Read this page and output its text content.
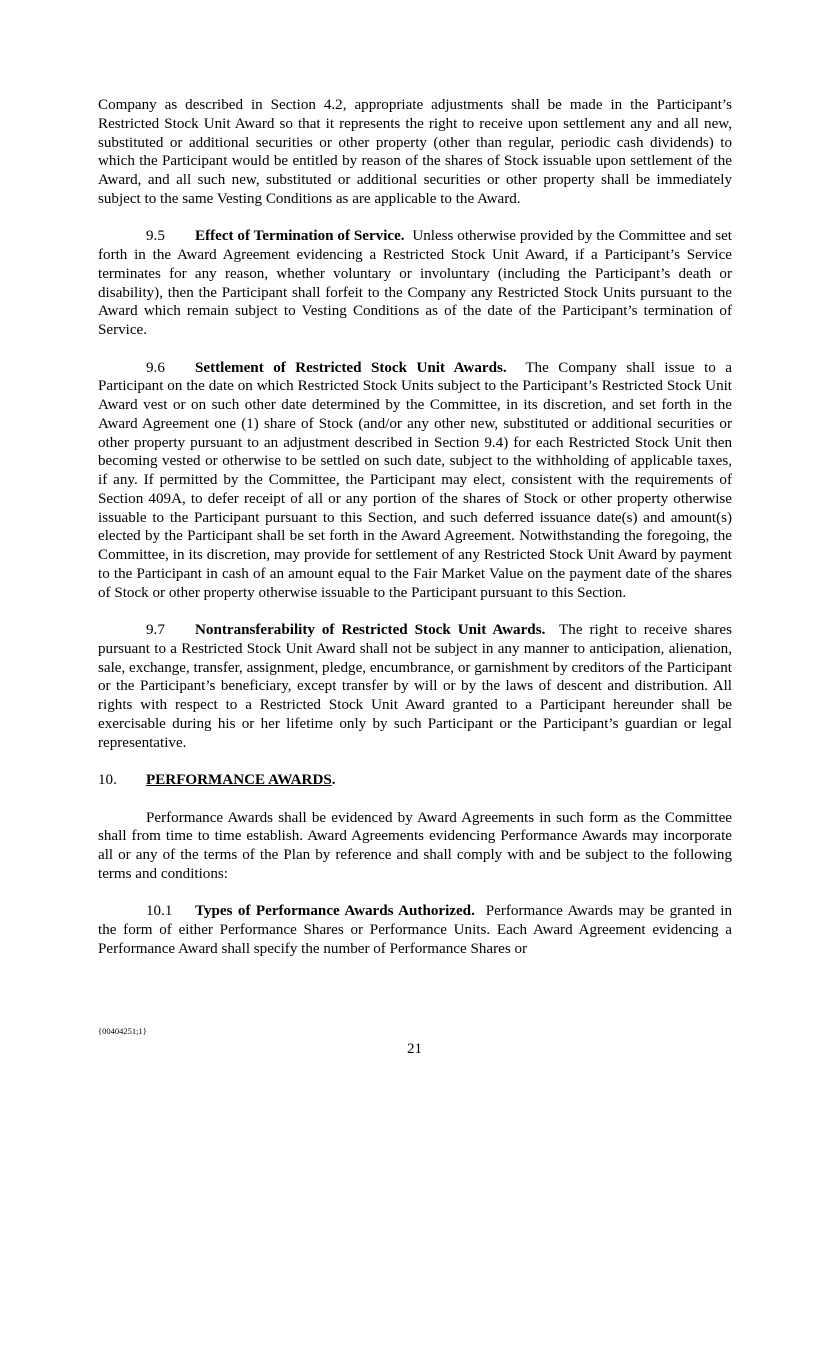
Company as described in Section 4.2, appropriate adjustments shall be made in the Participant’s Restricted Stock Unit Award so that it represents the right to receive upon settlement any and all new, substituted or additional securities or other property (other than regular, periodic cash dividends) to which the Participant would be entitled by reason of the shares of Stock issuable upon settlement of the Award, and all such new, substituted or additional securities or other property shall be immediately subject to the same Vesting Conditions as are applicable to the Award.

9.5 Effect of Termination of Service. Unless otherwise provided by the Committee and set forth in the Award Agreement evidencing a Restricted Stock Unit Award, if a Participant’s Service terminates for any reason, whether voluntary or involuntary (including the Participant’s death or disability), then the Participant shall forfeit to the Company any Restricted Stock Units pursuant to the Award which remain subject to Vesting Conditions as of the date of the Participant’s termination of Service.

9.6 Settlement of Restricted Stock Unit Awards. The Company shall issue to a Participant on the date on which Restricted Stock Units subject to the Participant’s Restricted Stock Unit Award vest or on such other date determined by the Committee, in its discretion, and set forth in the Award Agreement one (1) share of Stock (and/or any other new, substituted or additional securities or other property pursuant to an adjustment described in Section 9.4) for each Restricted Stock Unit then becoming vested or otherwise to be settled on such date, subject to the withholding of applicable taxes, if any. If permitted by the Committee, the Participant may elect, consistent with the requirements of Section 409A, to defer receipt of all or any portion of the shares of Stock or other property otherwise issuable to the Participant pursuant to this Section, and such deferred issuance date(s) and amount(s) elected by the Participant shall be set forth in the Award Agreement. Notwithstanding the foregoing, the Committee, in its discretion, may provide for settlement of any Restricted Stock Unit Award by payment to the Participant in cash of an amount equal to the Fair Market Value on the payment date of the shares of Stock or other property otherwise issuable to the Participant pursuant to this Section.

9.7 Nontransferability of Restricted Stock Unit Awards. The right to receive shares pursuant to a Restricted Stock Unit Award shall not be subject in any manner to anticipation, alienation, sale, exchange, transfer, assignment, pledge, encumbrance, or garnishment by creditors of the Participant or the Participant’s beneficiary, except transfer by will or by the laws of descent and distribution. All rights with respect to a Restricted Stock Unit Award granted to a Participant hereunder shall be exercisable during his or her lifetime only by such Participant or the Participant’s guardian or legal representative.

10. PERFORMANCE AWARDS.

Performance Awards shall be evidenced by Award Agreements in such form as the Committee shall from time to time establish. Award Agreements evidencing Performance Awards may incorporate all or any of the terms of the Plan by reference and shall comply with and be subject to the following terms and conditions:

10.1 Types of Performance Awards Authorized. Performance Awards may be granted in the form of either Performance Shares or Performance Units. Each Award Agreement evidencing a Performance Award shall specify the number of Performance Shares or

{00404251;1}
21
